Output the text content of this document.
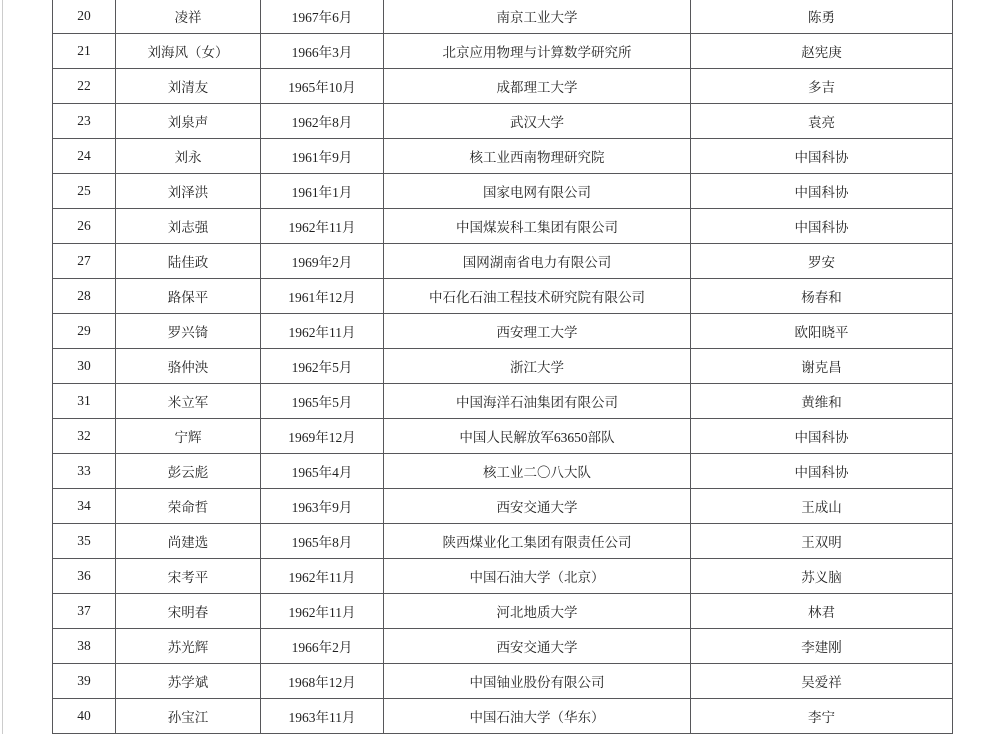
20	凌祥	1967年6月	南京工业大学	陈勇
21	刘海风（女）	1966年3月	北京应用物理与计算数学研究所	赵宪庚
22	刘清友	1965年10月	成都理工大学	多吉
23	刘泉声	1962年8月	武汉大学	袁亮
24	刘永	1961年9月	核工业西南物理研究院	中国科协
25	刘泽洪	1961年1月	国家电网有限公司	中国科协
26	刘志强	1962年11月	中国煤炭科工集团有限公司	中国科协
27	陆佳政	1969年2月	国网湖南省电力有限公司	罗安
28	路保平	1961年12月	中石化石油工程技术研究院有限公司	杨春和
29	罗兴锜	1962年11月	西安理工大学	欧阳晓平
30	骆仲泱	1962年5月	浙江大学	谢克昌
31	米立军	1965年5月	中国海洋石油集团有限公司	黄维和
32	宁辉	1969年12月	中国人民解放军63650部队	中国科协
33	彭云彪	1965年4月	核工业二〇八大队	中国科协
34	荣命哲	1963年9月	西安交通大学	王成山
35	尚建选	1965年8月	陕西煤业化工集团有限责任公司	王双明
36	宋考平	1962年11月	中国石油大学（北京）	苏义脑
37	宋明春	1962年11月	河北地质大学	林君
38	苏光辉	1966年2月	西安交通大学	李建刚
39	苏学斌	1968年12月	中国铀业股份有限公司	吴爱祥
40	孙宝江	1963年11月	中国石油大学（华东）	李宁
